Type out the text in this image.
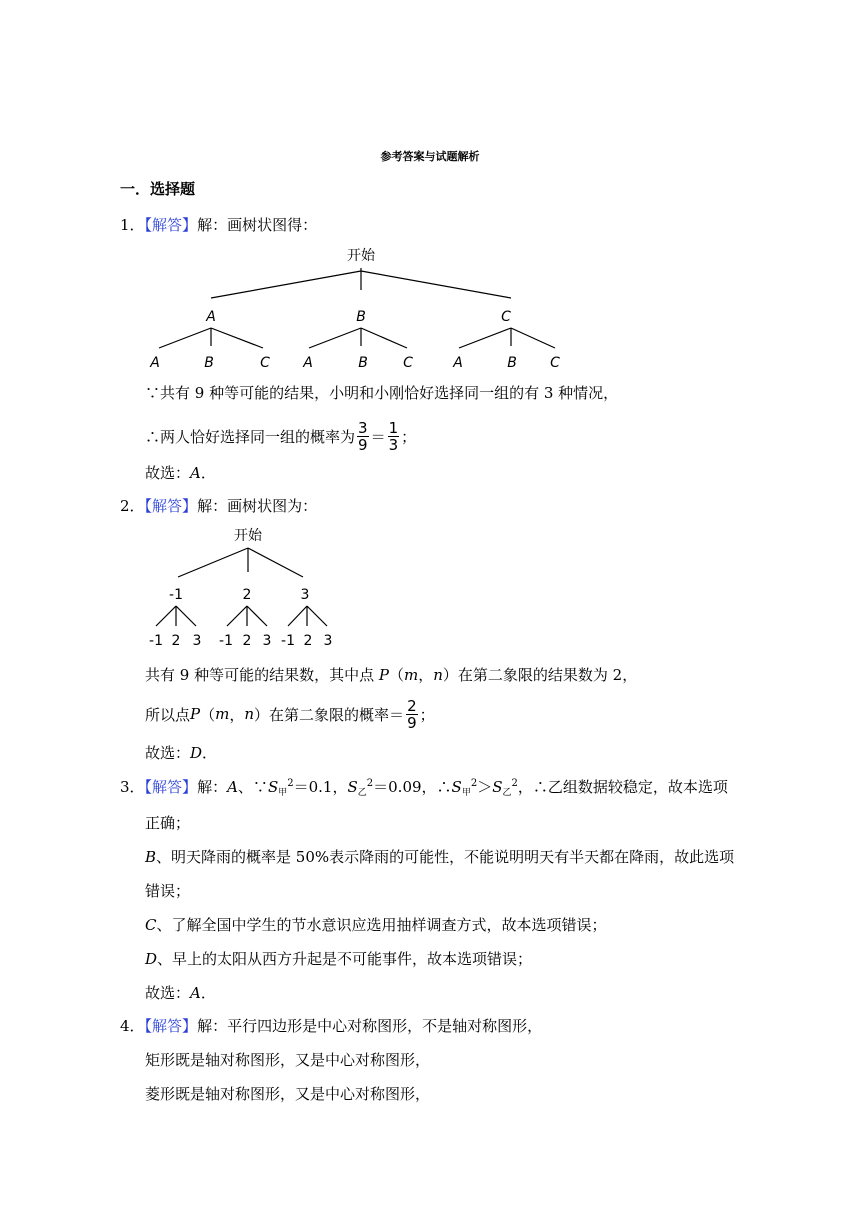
参考答案与试题解析
一．选择题
1．【解答】解：画树状图得：
开始
A	B	C
A	B	C A	B	C	A	B C
∵共有 9 种等可能的结果，小明和小刚恰好选择同一组的有 3 种情况，
∴两人恰好选择同一组的概率为 $\frac{3}{9} = \frac{1}{3}$ ；
故选：A．
2．【解答】解：画树状图为：
开始
-1	2	3
-1 2 3 -1 2 3 -1 2 3
共有 9 种等可能的结果数，其中点 P（m，n）在第二象限的结果数为 2，
所以点 P （ m ， n ）在第二象限的概率＝ $\frac{2}{9}$ ；
故选：D．
3．【解答】解：A、$\because S_甲^2=0.1$，$S_乙^2=0.09$，$\therefore S_甲^2>S_乙^2$，∴乙组数据较稳定，故本选项
正确；
B、明天降雨的概率是 50%表示降雨的可能性，不能说明明天有半天都在降雨，故此选项
错误；
C、了解全国中学生的节水意识应选用抽样调查方式，故本选项错误；
D、早上的太阳从西方升起是不可能事件，故本选项错误；
故选：A．
4．【解答】解：平行四边形是中心对称图形，不是轴对称图形，
矩形既是轴对称图形，又是中心对称图形，
菱形既是轴对称图形，又是中心对称图形，
